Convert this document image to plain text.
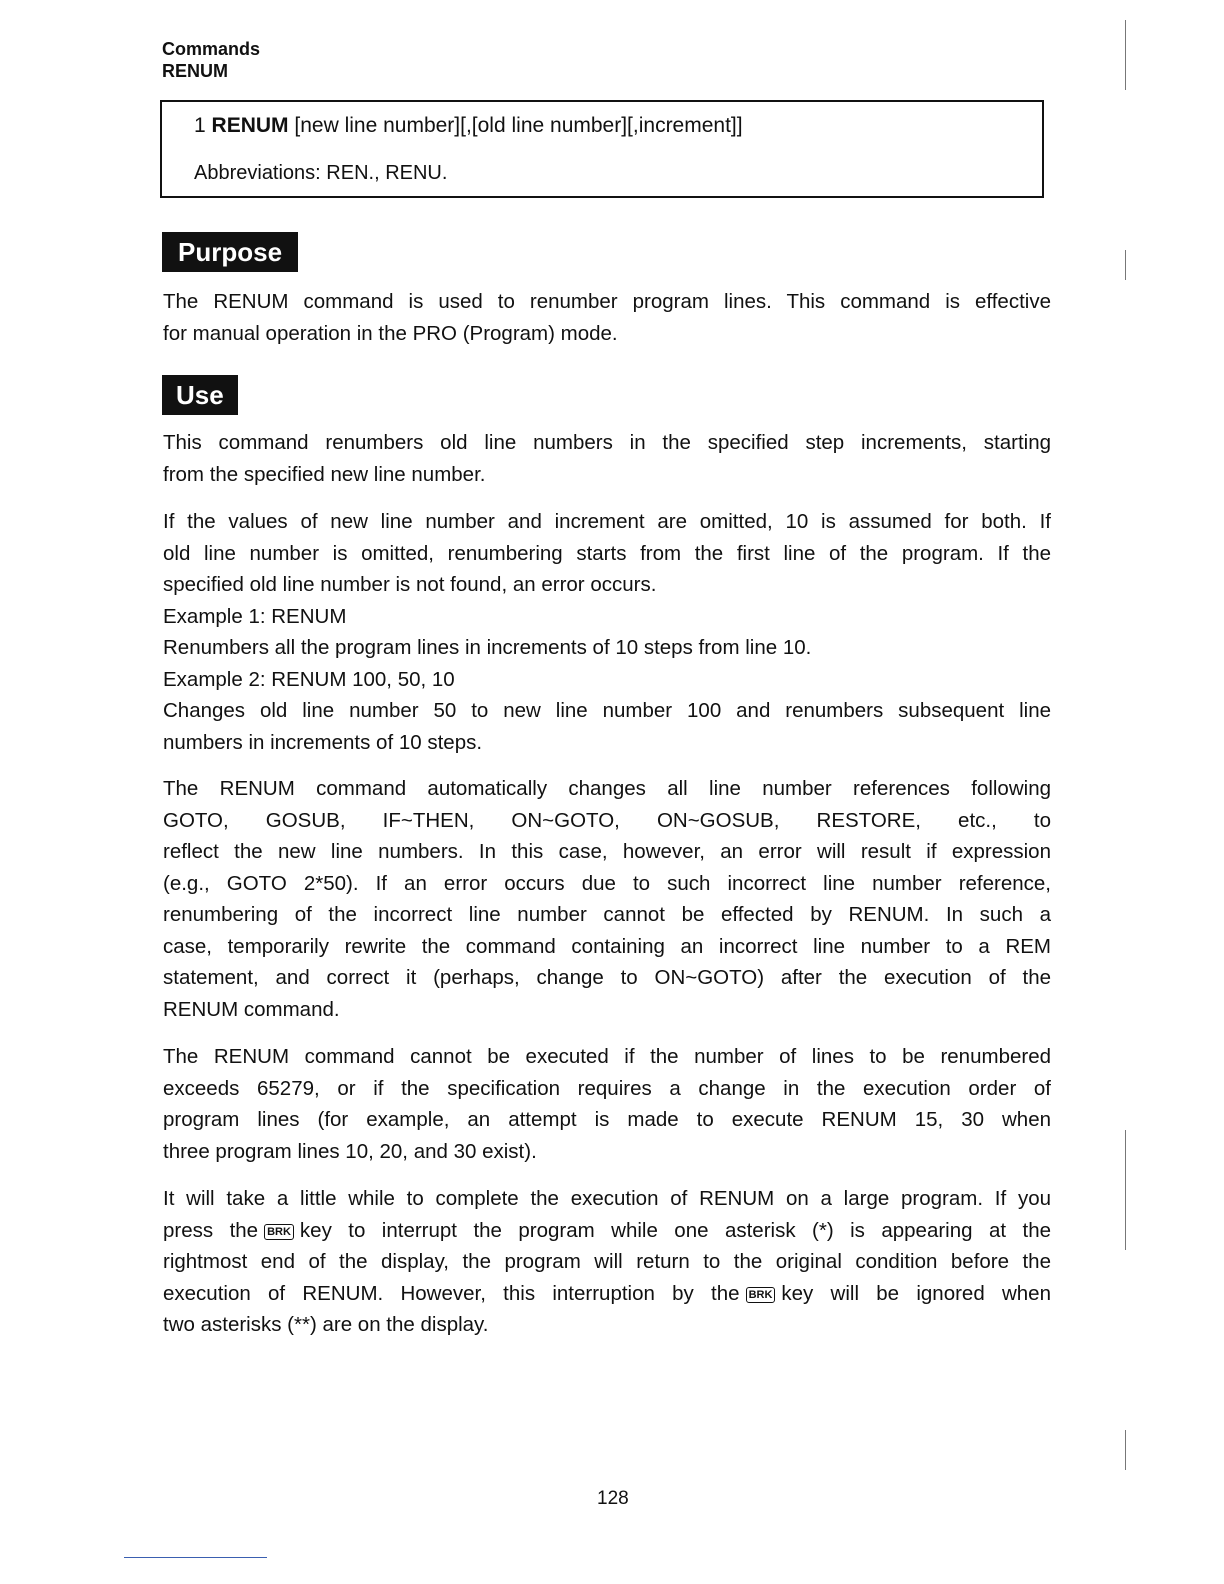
Commands
RENUM
1 RENUM [new line number][,[old line number][,increment]]
Abbreviations: REN., RENU.
Purpose
The RENUM command is used to renumber program lines. This command is effective
for manual operation in the PRO (Program) mode.
Use
This command renumbers old line numbers in the specified step increments, starting
from the specified new line number.
If the values of new line number and increment are omitted, 10 is assumed for both. If
old line number is omitted, renumbering starts from the first line of the program. If the
specified old line number is not found, an error occurs.
Example 1: RENUM
Renumbers all the program lines in increments of 10 steps from line 10.
Example 2: RENUM 100, 50, 10
Changes old line number 50 to new line number 100 and renumbers subsequent line
numbers in increments of 10 steps.
The RENUM command automatically changes all line number references following
GOTO, GOSUB, IF~THEN, ON~GOTO, ON~GOSUB, RESTORE, etc., to
reflect the new line numbers. In this case, however, an error will result if expression
(e.g., GOTO 2*50). If an error occurs due to such incorrect line number reference,
renumbering of the incorrect line number cannot be effected by RENUM. In such a
case, temporarily rewrite the command containing an incorrect line number to a REM
statement, and correct it (perhaps, change to ON~GOTO) after the execution of the
RENUM command.
The RENUM command cannot be executed if the number of lines to be renumbered
exceeds 65279, or if the specification requires a change in the execution order of
program lines (for example, an attempt is made to execute RENUM 15, 30 when
three program lines 10, 20, and 30 exist).
It will take a little while to complete the execution of RENUM on a large program. If you
press the BRK key to interrupt the program while one asterisk (*) is appearing at the
rightmost end of the display, the program will return to the original condition before the
execution of RENUM. However, this interruption by the BRK key will be ignored when
two asterisks (**) are on the display.
128
